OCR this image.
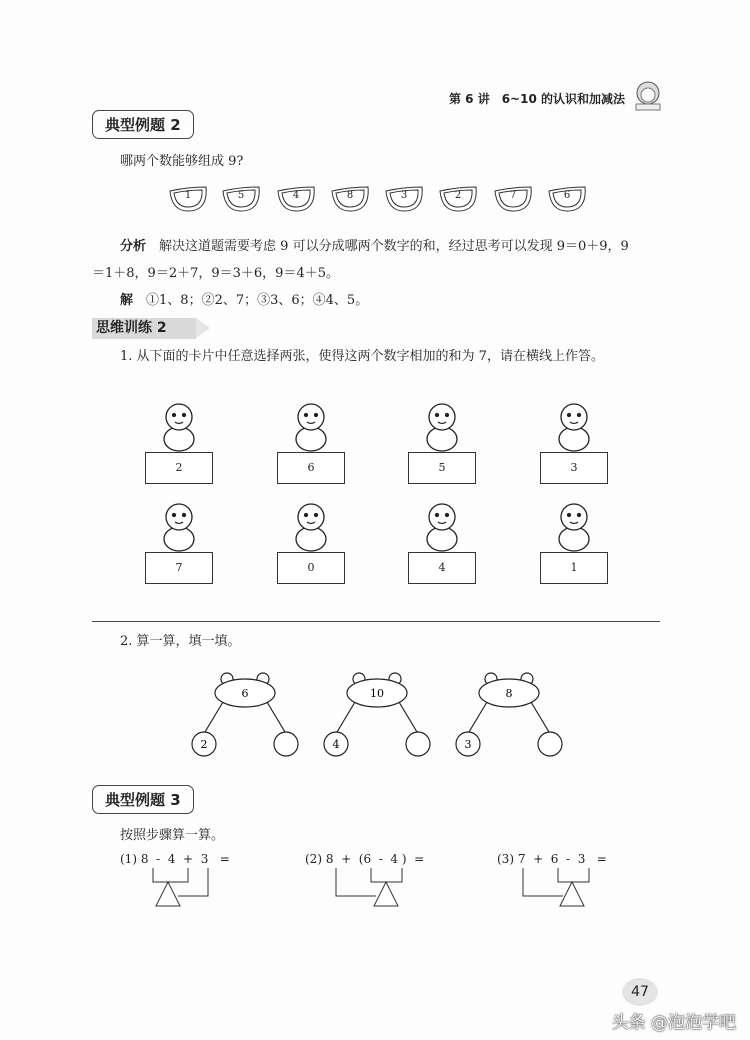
第 6 讲　6~10 的认识和加减法
典型例题 2
哪两个数能够组成 9?
1	5	4	8	3	2	7	6
分析　 解决这道题需要考虑 9 可以分成哪两个数字的和，经过思考可以发现 9＝0＋9，9
＝1＋8，9＝2＋7，9＝3＋6，9＝4＋5。
解　 ①1、8；②2、7；③3、6；④4、5。
思维训练 2
1. 从下面的卡片中任意选择两张，使得这两个数字相加的和为 7，请在横线上作答。
2	6	5	3
7	0	4	1
2. 算一算，填一填。
6
2
10
4
8
3
典型例题 3
按照步骤算一算。
(1) 8  -  4  +  3   =	(2) 8  +  (6  -  4 )  =	(3) 7  +  6  -  3   =
47
头条 @泡泡学吧
